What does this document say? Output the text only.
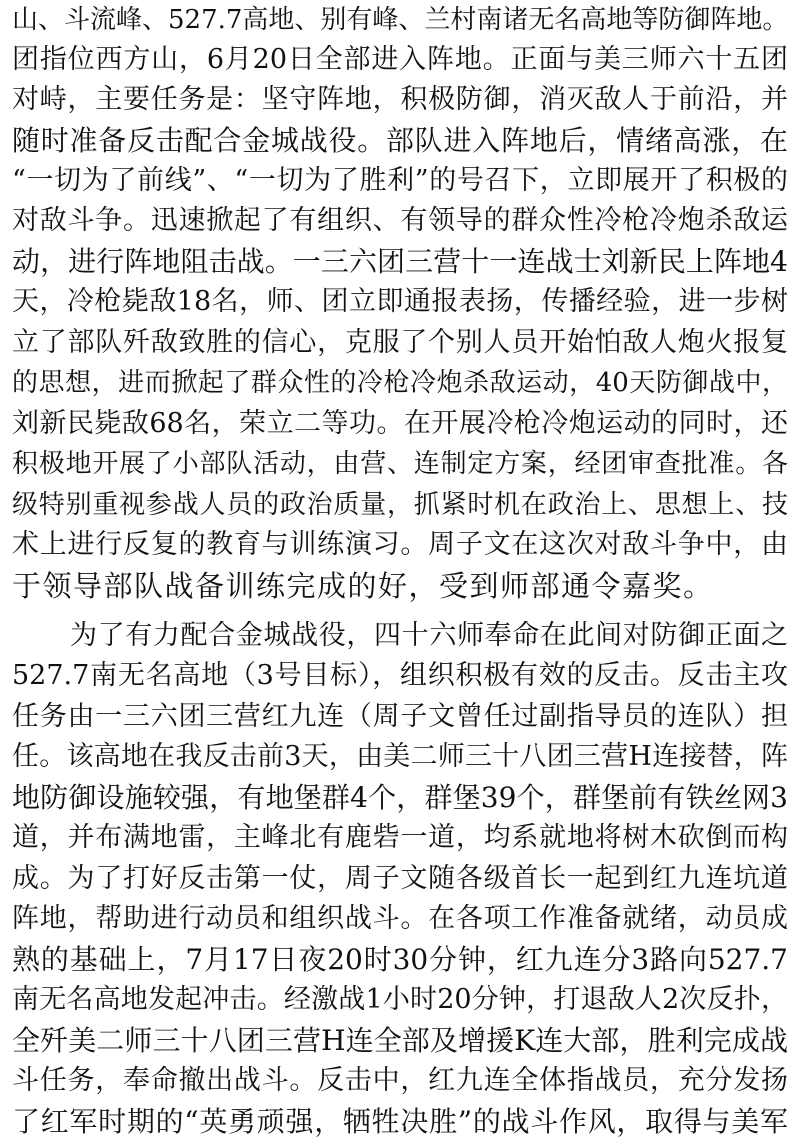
山、斗流峰、527.7高地、别有峰、兰村南诸无名高地等防御阵地。
团指位西方山，6月20日全部进入阵地。正面与美三师六十五团
对峙，主要任务是：坚守阵地，积极防御，消灭敌人于前沿，并
随时准备反击配合金城战役。部队进入阵地后，情绪高涨，在
“一切为了前线”、“一切为了胜利”的号召下，立即展开了积极的
对敌斗争。迅速掀起了有组织、有领导的群众性冷枪冷炮杀敌运
动，进行阵地阻击战。一三六团三营十一连战士刘新民上阵地4
天，冷枪毙敌18名，师、团立即通报表扬，传播经验，进一步树
立了部队歼敌致胜的信心，克服了个别人员开始怕敌人炮火报复
的思想，进而掀起了群众性的冷枪冷炮杀敌运动，40天防御战中，
刘新民毙敌68名，荣立二等功。在开展冷枪冷炮运动的同时，还
积极地开展了小部队活动，由营、连制定方案，经团审查批准。各
级特别重视参战人员的政治质量，抓紧时机在政治上、思想上、技
术上进行反复的教育与训练演习。周子文在这次对敌斗争中，由
于领导部队战备训练完成的好，受到师部通令嘉奖。
为了有力配合金城战役，四十六师奉命在此间对防御正面之
527.7南无名高地（3号目标），组织积极有效的反击。反击主攻
任务由一三六团三营红九连（周子文曾任过副指导员的连队）担
任。该高地在我反击前3天，由美二师三十八团三营H连接替，阵
地防御设施较强，有地堡群4个，群堡39个，群堡前有铁丝网3
道，并布满地雷，主峰北有鹿砦一道，均系就地将树木砍倒而构
成。为了打好反击第一仗，周子文随各级首长一起到红九连坑道
阵地，帮助进行动员和组织战斗。在各项工作准备就绪，动员成
熟的基础上，7月17日夜20时30分钟，红九连分3路向527.7
南无名高地发起冲击。经激战1小时20分钟，打退敌人2次反扑，
全歼美二师三十八团三营H连全部及增援K连大部，胜利完成战
斗任务，奉命撤出战斗。反击中，红九连全体指战员，充分发扬
了红军时期的“英勇顽强，牺牲决胜”的战斗作风，取得与美军
